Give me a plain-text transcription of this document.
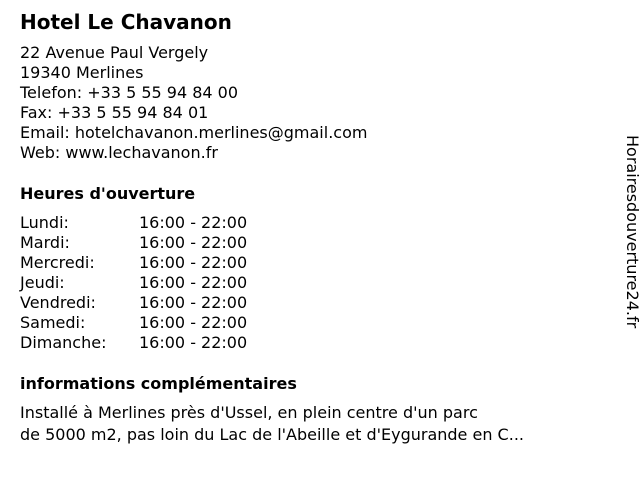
Hotel Le Chavanon
22 Avenue Paul Vergely
19340 Merlines
Telefon: +33 5 55 94 84 00
Fax: +33 5 55 94 84 01
Email: hotelchavanon.merlines@gmail.com
Web: www.lechavanon.fr
Heures d'ouverture
Lundi:	16:00 - 22:00
Mardi:	16:00 - 22:00
Mercredi:	16:00 - 22:00
Jeudi:	16:00 - 22:00
Vendredi:	16:00 - 22:00
Samedi:	16:00 - 22:00
Dimanche:	16:00 - 22:00
informations complémentaires
Installé à Merlines près d'Ussel, en plein centre d'un parc
de 5000 m2, pas loin du Lac de l'Abeille et d'Eygurande en C...
Horairesdouverture24.fr
